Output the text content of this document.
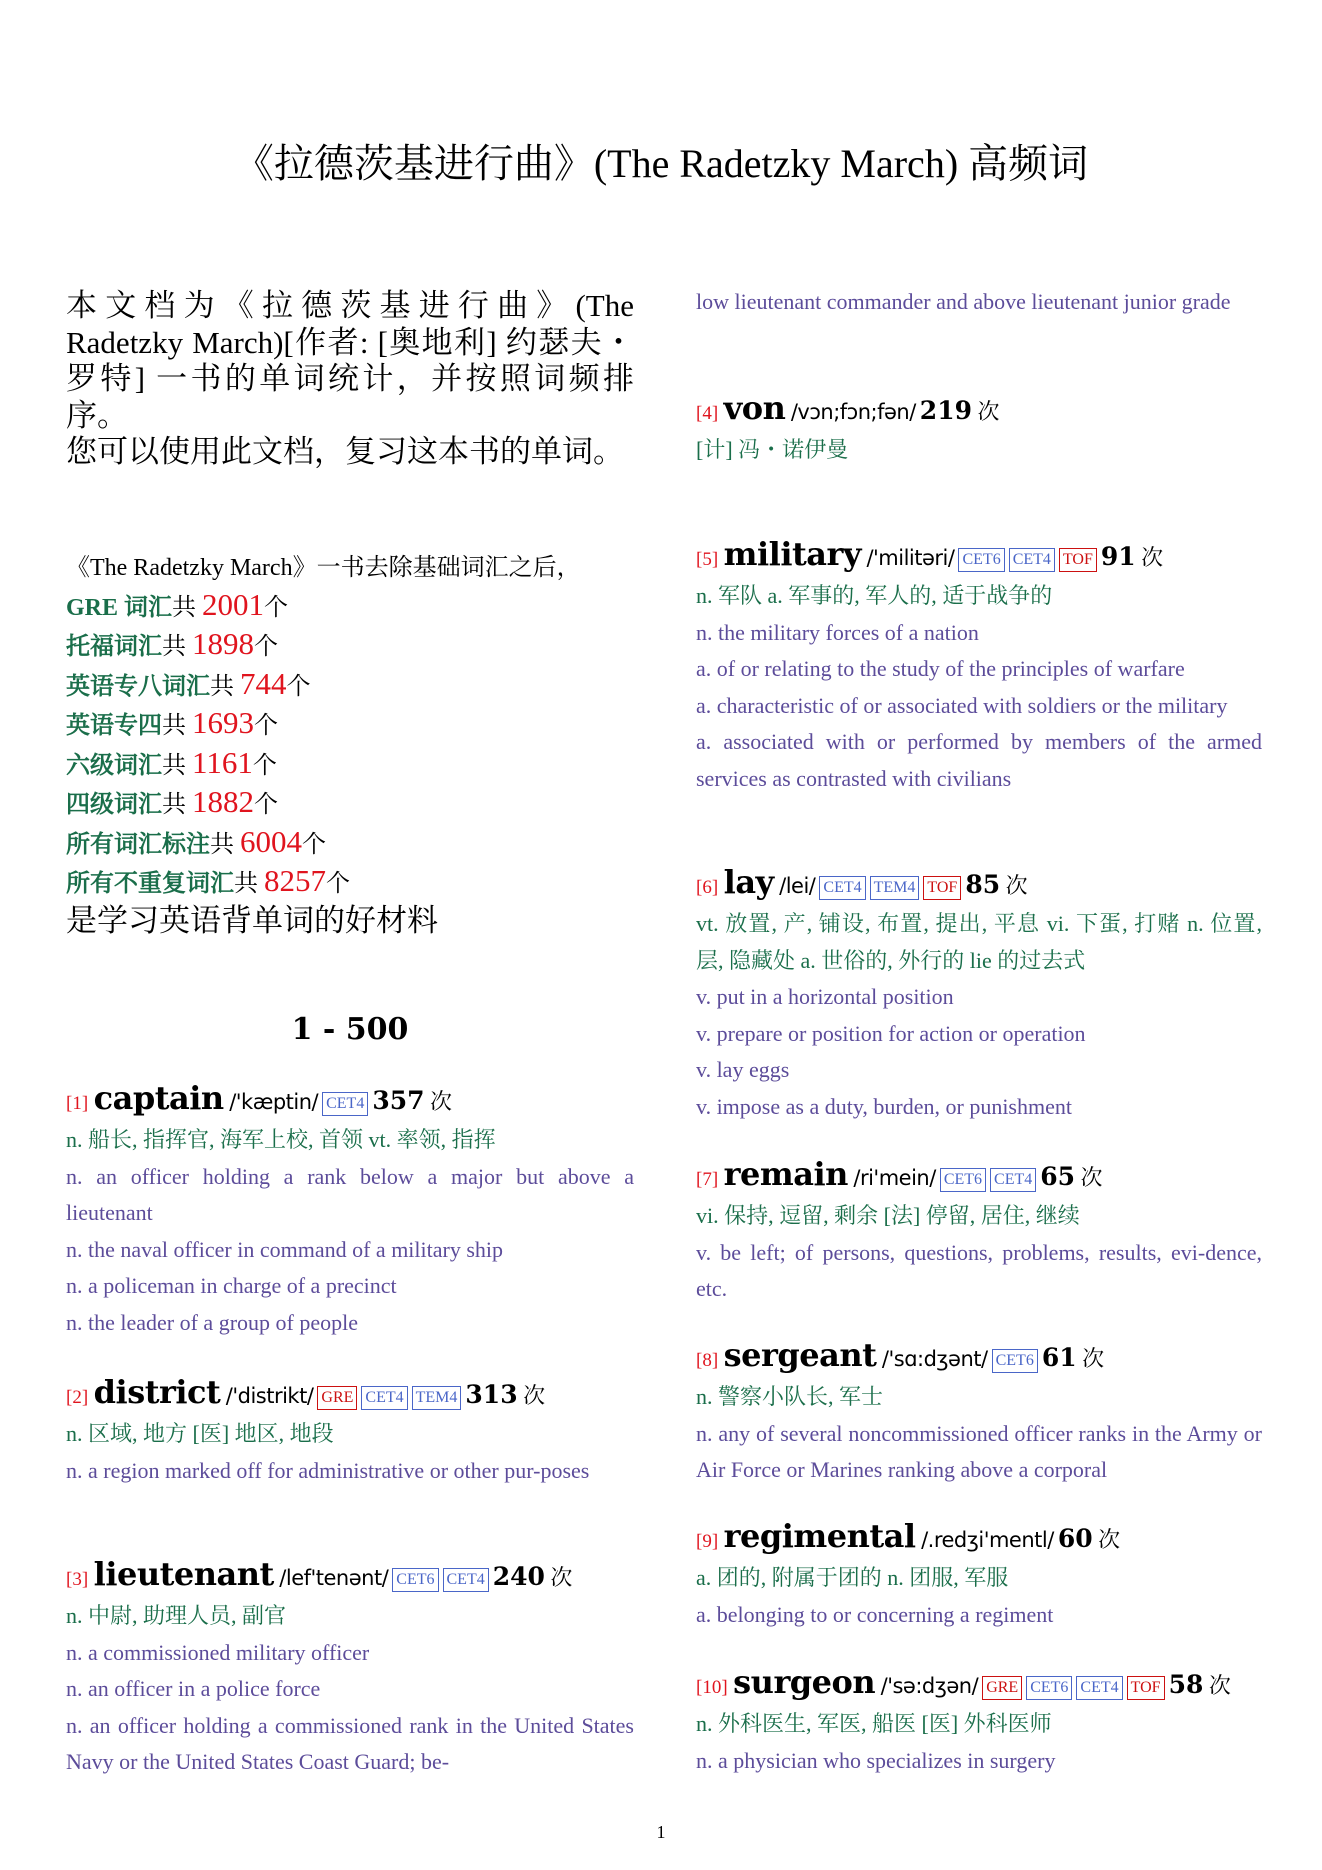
《拉德茨基进行曲》(The Radetzky March) 高频词
本文档为《拉德茨基进行曲》(The Radetzky March)[作者: [奥地利] 约瑟夫・罗特] 一书的单词统计，并按照词频排序。
您可以使用此文档，复习这本书的单词。
《The Radetzky March》一书去除基础词汇之后，
GRE 词汇共 2001个
托福词汇共 1898个
英语专八词汇共 744个
英语专四共 1693个
六级词汇共 1161个
四级词汇共 1882个
所有词汇标注共 6004个
所有不重复词汇共 8257个
是学习英语背单词的好材料
1 - 500
[1] captain /'kæptin/ CET4 357 次
n. 船长, 指挥官, 海军上校, 首领 vt. 率领, 指挥
n. an officer holding a rank below a major but above a lieutenant
n. the naval officer in command of a military ship
n. a policeman in charge of a precinct
n. the leader of a group of people
[2] district /'distrikt/ GRE CET4 TEM4 313 次
n. 区域, 地方 [医] 地区, 地段
n. a region marked off for administrative or other pur-poses
[3] lieutenant /lef'tenənt/ CET6 CET4 240 次
n. 中尉, 助理人员, 副官
n. a commissioned military officer
n. an officer in a police force
n. an officer holding a commissioned rank in the United States Navy or the United States Coast Guard; be-
low lieutenant commander and above lieutenant junior grade
[4] von /vɔn;fɔn;fən/ 219 次
[计] 冯・诺伊曼
[5] military /'militəri/ CET6 CET4 TOF 91 次
n. 军队 a. 军事的, 军人的, 适于战争的
n. the military forces of a nation
a. of or relating to the study of the principles of warfare
a. characteristic of or associated with soldiers or the military
a. associated with or performed by members of the armed services as contrasted with civilians
[6] lay /lei/ CET4 TEM4 TOF 85 次
vt. 放置, 产, 铺设, 布置, 提出, 平息 vi. 下蛋, 打赌 n. 位置, 层, 隐藏处 a. 世俗的, 外行的 lie 的过去式
v. put in a horizontal position
v. prepare or position for action or operation
v. lay eggs
v. impose as a duty, burden, or punishment
[7] remain /ri'mein/ CET6 CET4 65 次
vi. 保持, 逗留, 剩余 [法] 停留, 居住, 继续
v. be left; of persons, questions, problems, results, evi-dence, etc.
[8] sergeant /'sɑ:dʒənt/ CET6 61 次
n. 警察小队长, 军士
n. any of several noncommissioned officer ranks in the Army or Air Force or Marines ranking above a corporal
[9] regimental /.redʒi'mentl/ 60 次
a. 团的, 附属于团的 n. 团服, 军服
a. belonging to or concerning a regiment
[10] surgeon /'sə:dʒən/ GRE CET6 CET4 TOF 58 次
n. 外科医生, 军医, 船医 [医] 外科医师
n. a physician who specializes in surgery
1
